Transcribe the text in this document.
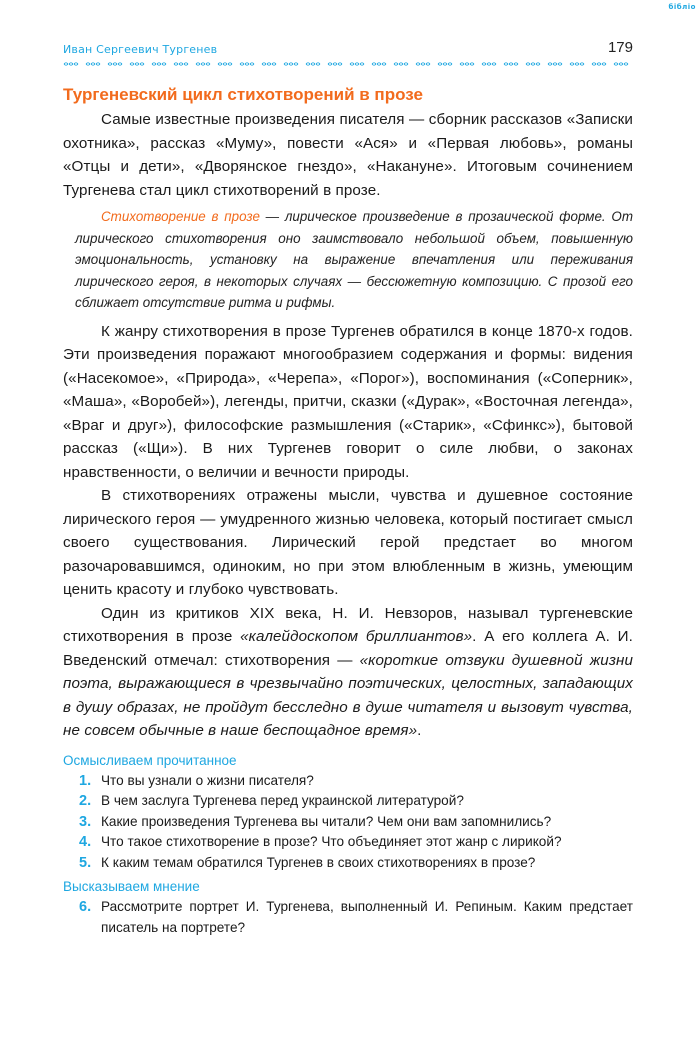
бібліо
Иван Сергеевич Тургенев	179
Тургеневский цикл стихотворений в прозе

Самые известные произведения писателя — сборник рассказов «Записки охотника», рассказ «Муму», повести «Ася» и «Первая любовь», романы «Отцы и дети», «Дворянское гнездо», «Накануне». Итоговым сочинением Тургенева стал цикл стихотворений в прозе.

Стихотворение в прозе — лирическое произведение в прозаической форме. От лирического стихотворения оно заимствовало небольшой объем, повышенную эмоциональность, установку на выражение впечатления или переживания лирического героя, в некоторых случаях — бессюжетную композицию. С прозой его сближает отсутствие ритма и рифмы.

К жанру стихотворения в прозе Тургенев обратился в конце 1870-х годов. Эти произведения поражают многообразием содержания и формы: видения («Насекомое», «Природа», «Черепа», «Порог»), воспоминания («Соперник», «Маша», «Воробей»), легенды, притчи, сказки («Дурак», «Восточная легенда», «Враг и друг»), философские размышления («Старик», «Сфинкс»), бытовой рассказ («Щи»). В них Тургенев говорит о силе любви, о законах нравственности, о величии и вечности природы.

В стихотворениях отражены мысли, чувства и душевное состояние лирического героя — умудренного жизнью человека, который постигает смысл своего существования. Лирический герой предстает во многом разочаровавшимся, одиноким, но при этом влюбленным в жизнь, умеющим ценить красоту и глубоко чувствовать.

Один из критиков XIX века, Н. И. Невзоров, называл тургеневские стихотворения в прозе «калейдоскопом бриллиантов». А его коллега А. И. Введенский отмечал: стихотворения — «короткие отзвуки душевной жизни поэта, выражающиеся в чрезвычайно поэтических, целостных, западающих в душу образах, не пройдут бесследно в душе читателя и вызовут чувства, не совсем обычные в наше беспощадное время».

Осмысливаем прочитанное
1. Что вы узнали о жизни писателя?
2. В чем заслуга Тургенева перед украинской литературой?
3. Какие произведения Тургенева вы читали? Чем они вам запомнились?
4. Что такое стихотворение в прозе? Что объединяет этот жанр с лирикой?
5. К каким темам обратился Тургенев в своих стихотворениях в прозе?
Высказываем мнение
6. Рассмотрите портрет И. Тургенева, выполненный И. Репиным. Каким предстает писатель на портрете?
